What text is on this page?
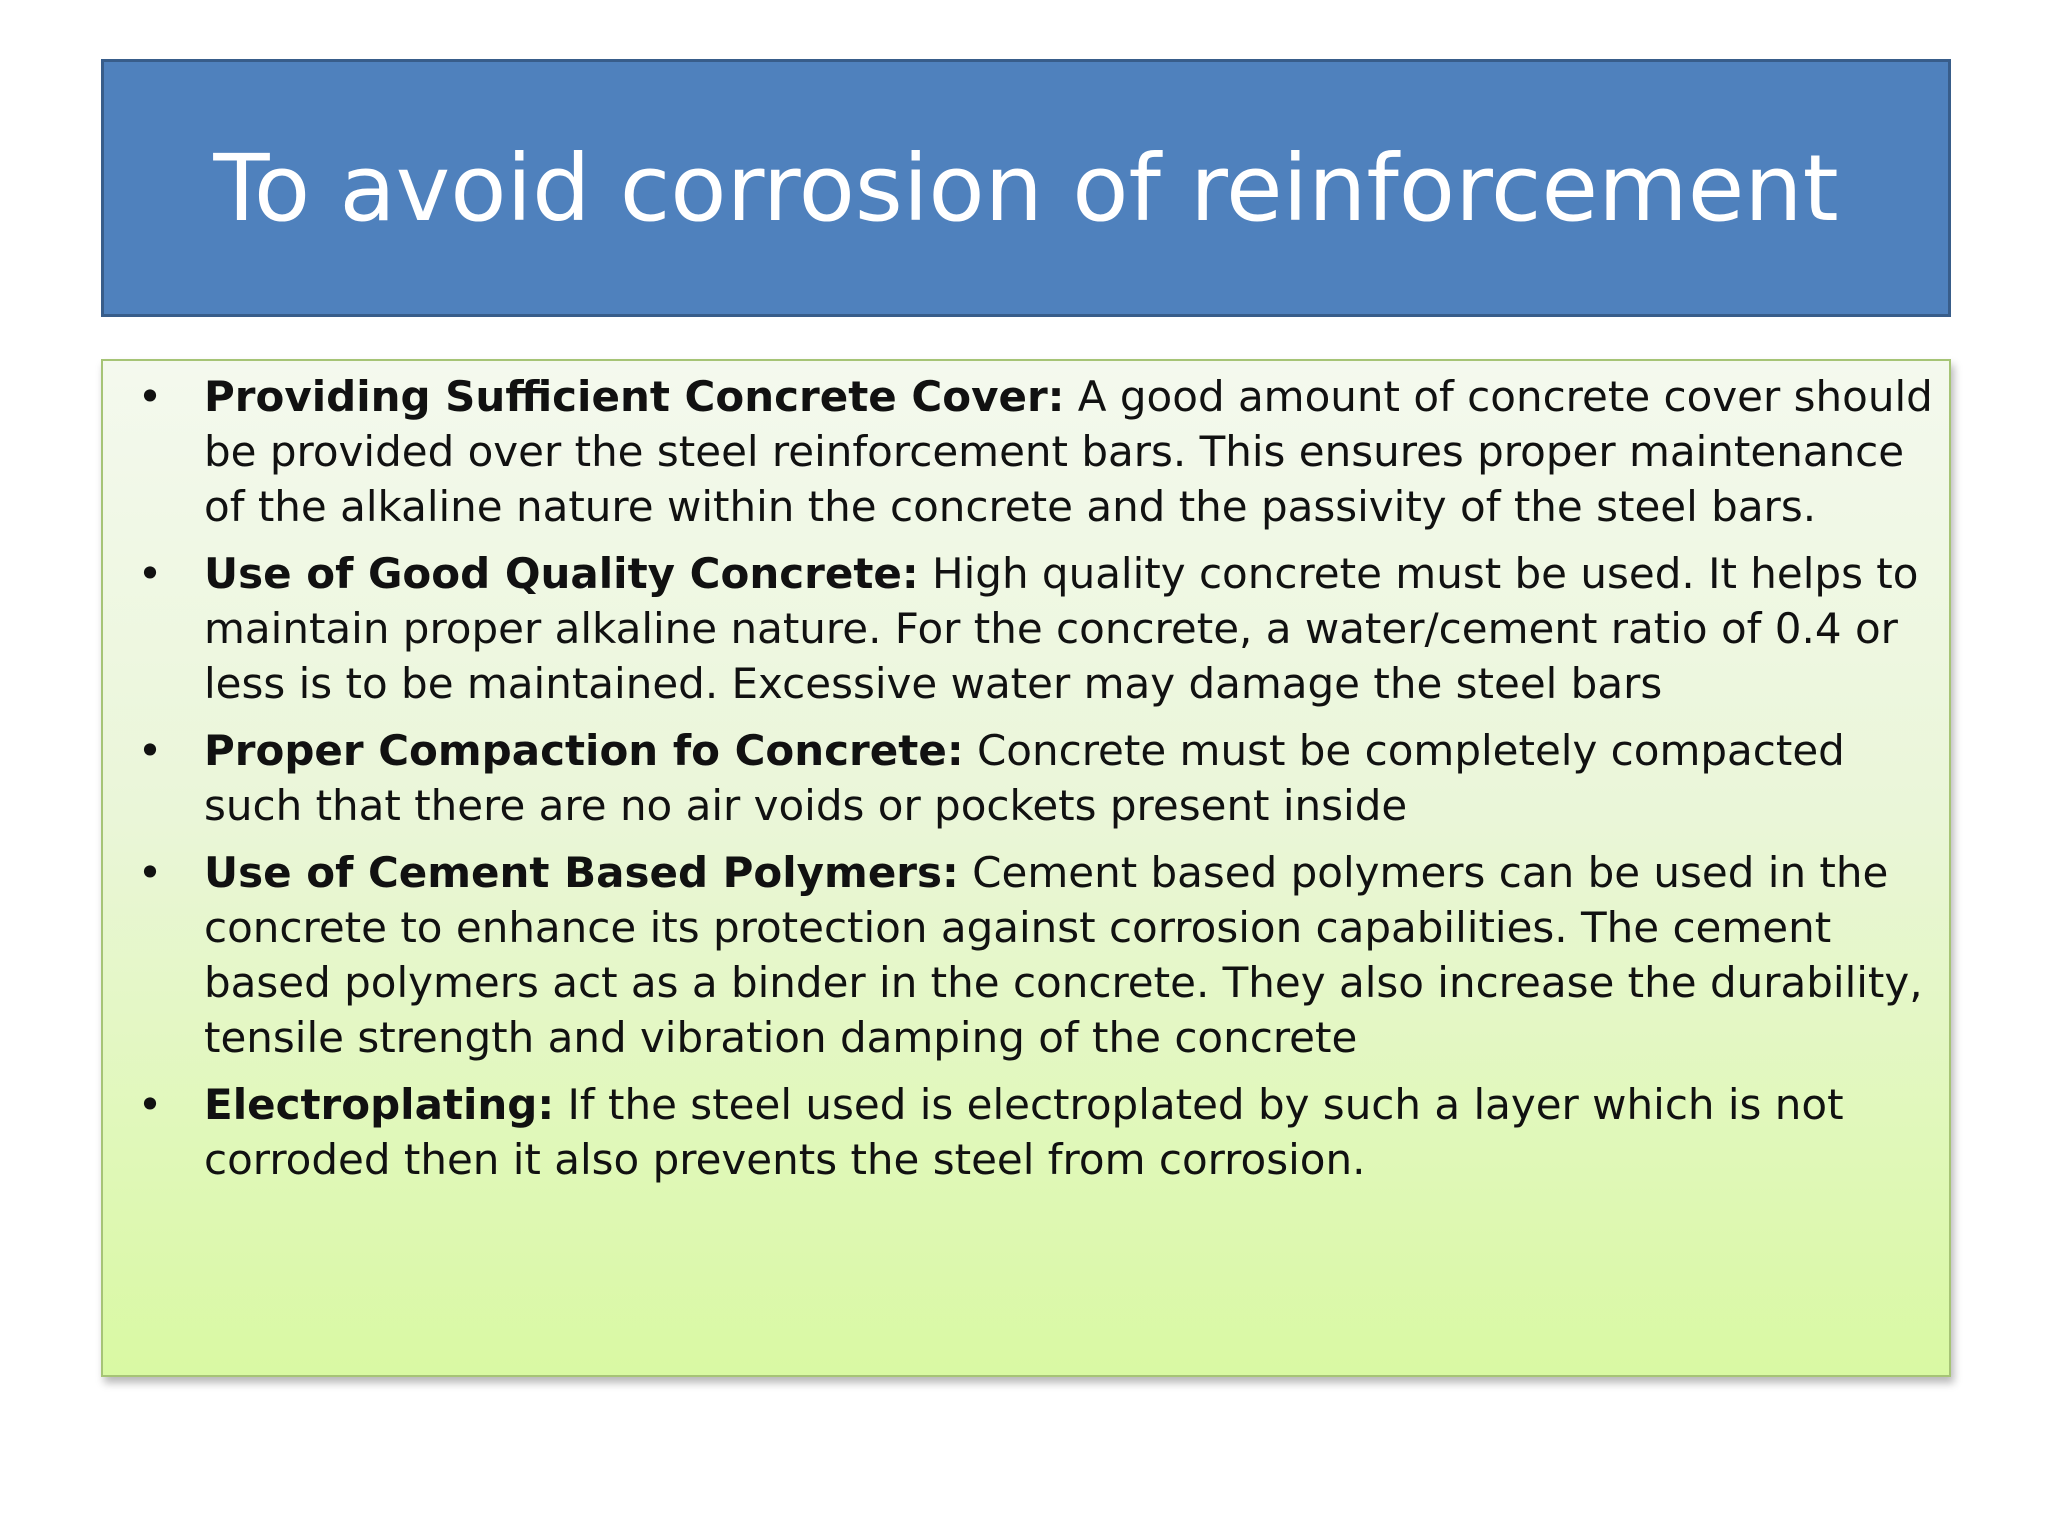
To avoid corrosion of reinforcement
• Providing Sufficient Concrete Cover: A good amount of concrete cover should be provided over the steel reinforcement bars. This ensures proper maintenance of the alkaline nature within the concrete and the passivity of the steel bars.
• Use of Good Quality Concrete: High quality concrete must be used. It helps to maintain proper alkaline nature. For the concrete, a water/cement ratio of 0.4 or less is to be maintained. Excessive water may damage the steel bars
• Proper Compaction fo Concrete: Concrete must be completely compacted such that there are no air voids or pockets present inside
• Use of Cement Based Polymers: Cement based polymers can be used in the concrete to enhance its protection against corrosion capabilities. The cement based polymers act as a binder in the concrete. They also increase the durability, tensile strength and vibration damping of the concrete
• Electroplating: If the steel used is electroplated by such a layer which is not corroded then it also prevents the steel from corrosion.
